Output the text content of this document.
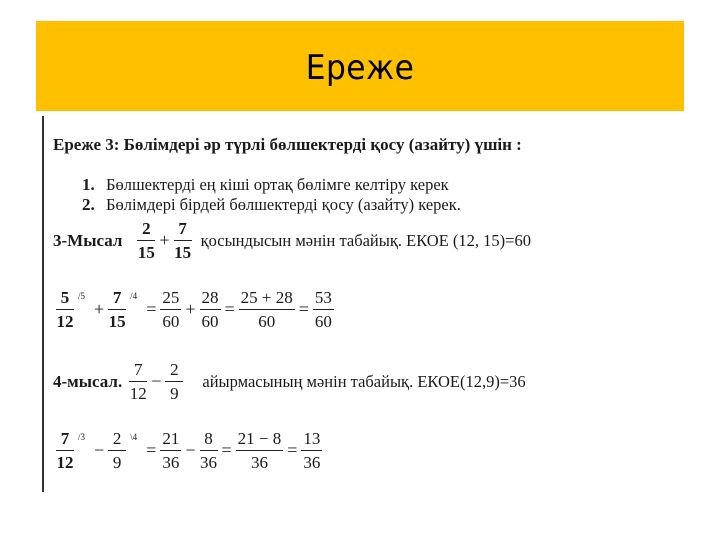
Ереже
Ереже 3: Бөлімдері әр түрлі бөлшектерді қосу (азайту) үшін :
1. Бөлшектерді ең кіші ортақ бөлімге келтіру керек
2. Бөлімдері бірдей бөлшектерді қосу (азайту) керек.
3-Мысал $\frac{2}{15} + \frac{7}{15}$ қосындысын мәнін табайық. ЕКОЕ (12, 15)=60
$\frac{5}{12} /5$
+ $\frac{7}{15} /4$
= $\frac{25}{60} + \frac{28}{60} = \frac{25 + 28}{60} = \frac{53}{60}$
4-мысал. $\frac{7}{12} - \frac{2}{9}$ айырмасының мәнін табайық. ЕКОЕ(12,9)=36
$\frac{7}{12} /3$
− $\frac{2}{9}$ \4
= $\frac{21}{36} - \frac{8}{36} = \frac{21 - 8}{36} = \frac{13}{36}$
